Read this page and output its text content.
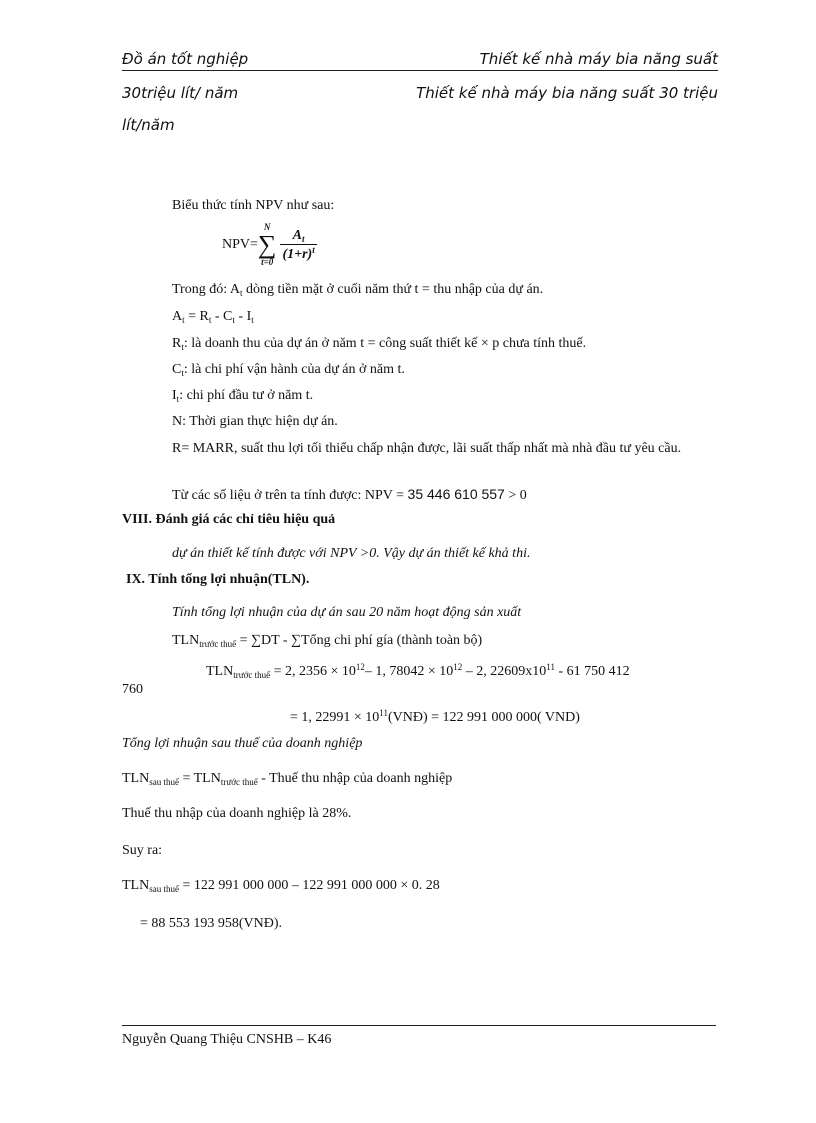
Đồ án tốt nghiệp	Thiết kế nhà máy bia năng suất
30triệu lít/ năm	Thiết kế nhà máy bia năng suất 30 triệu
lít/năm
Biểu thức tính NPV như sau:
NPV=
N
∑
$t=0 \frac{A_t}{(1+r)^t}$
Trong đó: $A_t$ dòng tiền mặt ở cuối năm thứ t = thu nhập của dự án.
$A_t = R_t - C_t - I_t$
$R_t$: là doanh thu của dự án ở năm t = công suất thiết kế × p chưa tính thuế.
$C_t$: là chi phí vận hành của dự án ở năm t.
$I_t$: chi phí đầu tư ở năm t.
N: Thời gian thực hiện dự án.
R= MARR, suất thu lợi tối thiểu chấp nhận được, lãi suất thấp nhất mà nhà đầu tư yêu cầu.
Từ các số liệu ở trên ta tính được: NPV = 35 446 610 557 > 0
VIII. Đánh giá các chỉ tiêu hiệu quả
dự án thiết kế tính được với NPV >0. Vậy dự án thiết kế khả thi.
IX. Tính tổng lợi nhuận(TLN).
Tính tổng lợi nhuận của dự án sau 20 năm hoạt động sản xuất
$TLN_{trước thuế} = \sum DT$ - ∑Tổng chi phí gía (thành toàn bộ)
$TLN_{trước thuế} = 2$, $2356 \times 10^{12}-$ 1, $78042 \times 10^{12} - 2$, $22609x10^{11} - 61$ 750 412
760
= 1, $22991 \times 10^{11}(VNĐ) = 122$ 991 000 000( VND)
Tổng lợi nhuận sau thuế của doanh nghiệp
$TLN_{sau thuế} = TLN_{trước thuế}$ - Thuế thu nhập của doanh nghiệp
Thuế thu nhập của doanh nghiệp là 28%.
Suy ra:
$TLN_{sau thuế} = 122$ 991 000 000 – 122 991 000 000 × 0. 28
= 88 553 193 958(VNĐ).
Nguyễn Quang Thiệu CNSHB – K46
